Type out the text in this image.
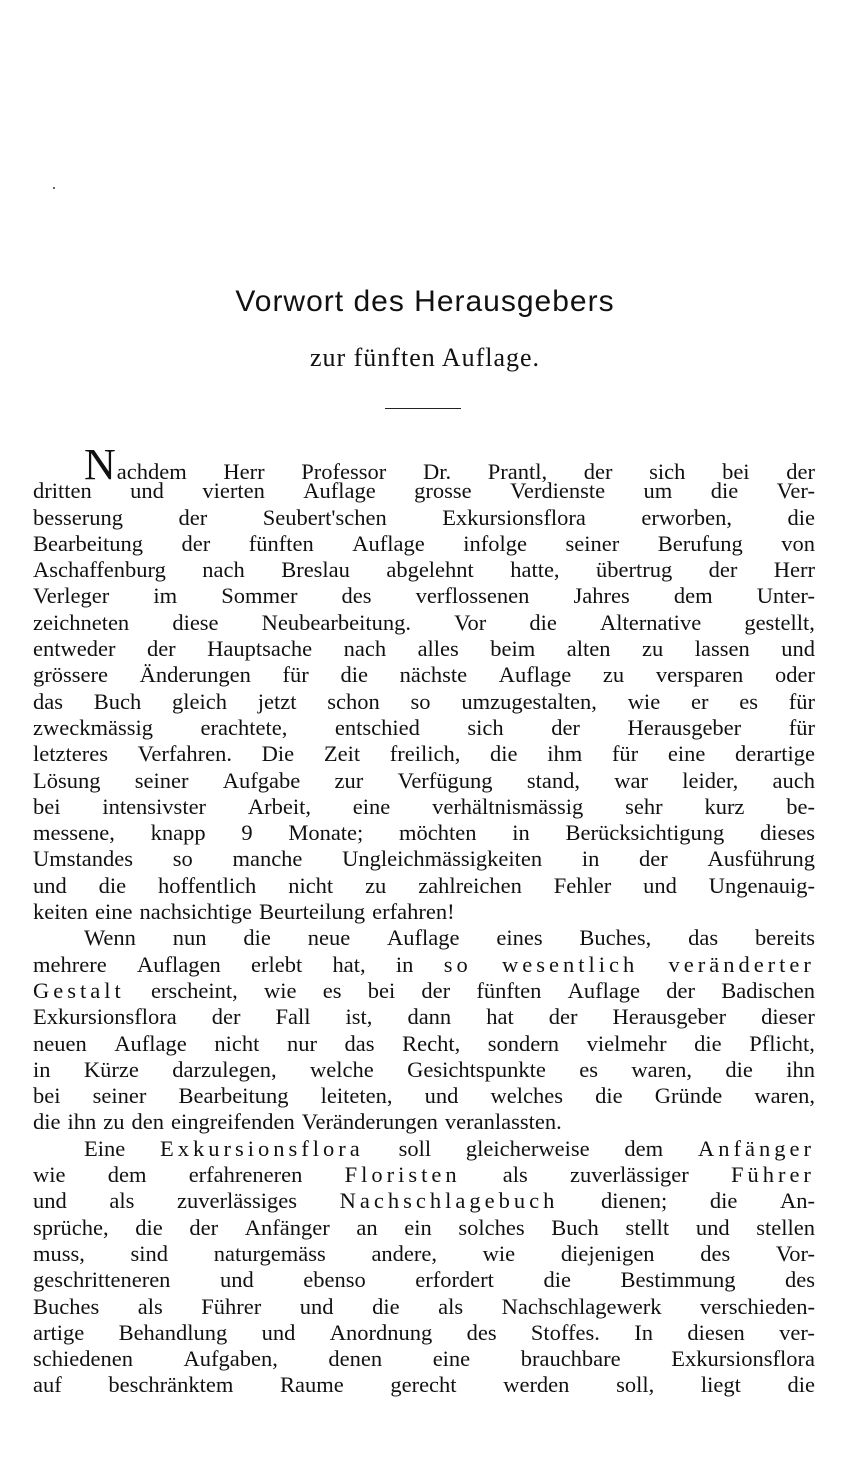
Vorwort des Herausgebers
zur fünften Auflage.
Nachdem Herr Professor Dr. Prantl, der sich bei der
dritten und vierten Auflage grosse Verdienste um die Ver-
besserung der Seubert'schen Exkursionsflora erworben, die
Bearbeitung der fünften Auflage infolge seiner Berufung von
Aschaffenburg nach Breslau abgelehnt hatte, übertrug der Herr
Verleger im Sommer des verflossenen Jahres dem Unter-
zeichneten diese Neubearbeitung. Vor die Alternative gestellt,
entweder der Hauptsache nach alles beim alten zu lassen und
grössere Änderungen für die nächste Auflage zu versparen oder
das Buch gleich jetzt schon so umzugestalten, wie er es für
zweckmässig erachtete, entschied sich der Herausgeber für
letzteres Verfahren. Die Zeit freilich, die ihm für eine derartige
Lösung seiner Aufgabe zur Verfügung stand, war leider, auch
bei intensivster Arbeit, eine verhältnismässig sehr kurz be-
messene, knapp 9 Monate; möchten in Berücksichtigung dieses
Umstandes so manche Ungleichmässigkeiten in der Ausführung
und die hoffentlich nicht zu zahlreichen Fehler und Ungenauig-
keiten eine nachsichtige Beurteilung erfahren!
Wenn nun die neue Auflage eines Buches, das bereits
mehrere Auflagen erlebt hat, in so wesentlich veränderter
Gestalt erscheint, wie es bei der fünften Auflage der Badischen
Exkursionsflora der Fall ist, dann hat der Herausgeber dieser
neuen Auflage nicht nur das Recht, sondern vielmehr die Pflicht,
in Kürze darzulegen, welche Gesichtspunkte es waren, die ihn
bei seiner Bearbeitung leiteten, und welches die Gründe waren,
die ihn zu den eingreifenden Veränderungen veranlassten.
Eine Exkursionsflora soll gleicherweise dem Anfänger
wie dem erfahreneren Floristen als zuverlässiger Führer
und als zuverlässiges Nachschlagebuch dienen; die An-
sprüche, die der Anfänger an ein solches Buch stellt und stellen
muss, sind naturgemäss andere, wie diejenigen des Vor-
geschritteneren und ebenso erfordert die Bestimmung des
Buches als Führer und die als Nachschlagewerk verschieden-
artige Behandlung und Anordnung des Stoffes. In diesen ver-
schiedenen Aufgaben, denen eine brauchbare Exkursionsflora
auf beschränktem Raume gerecht werden soll, liegt die
